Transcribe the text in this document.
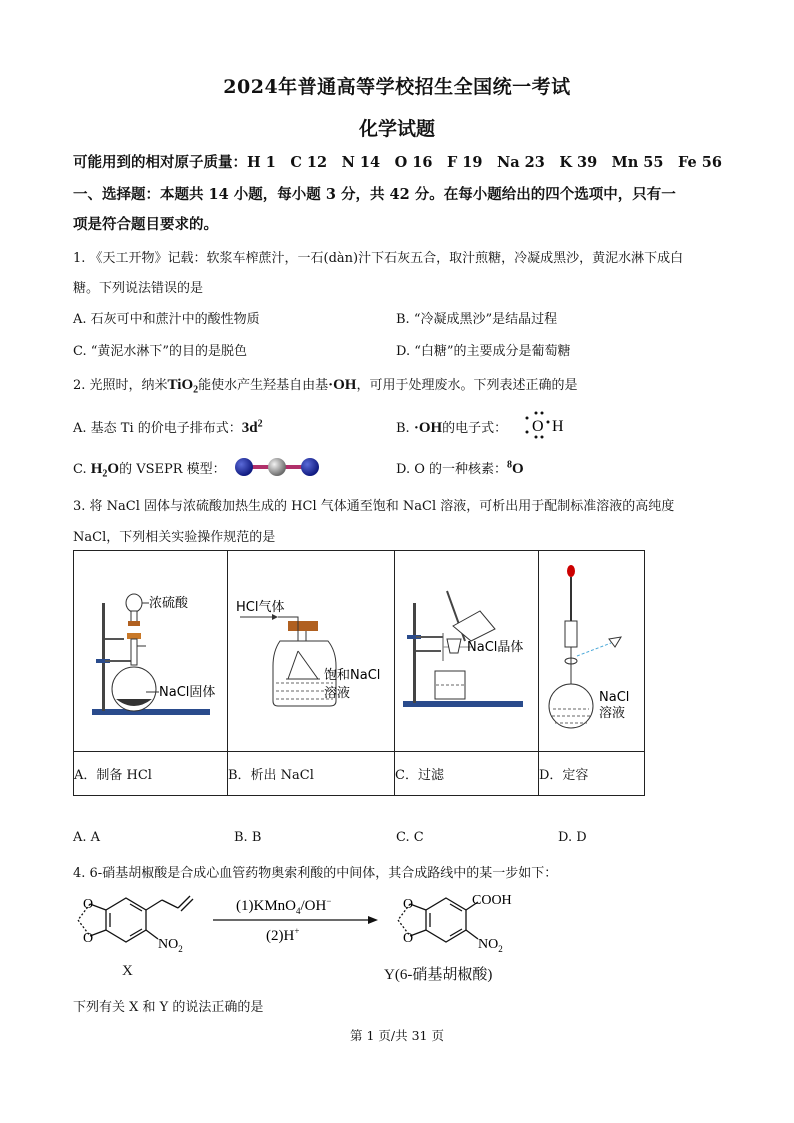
2024年普通高等学校招生全国统一考试
化学试题
可能用到的相对原子质量：H 1　C 12　N 14　O 16　F 19　Na 23　K 39　Mn 55　Fe 56
一、选择题：本题共 14 小题，每小题 3 分，共 42 分。在每小题给出的四个选项中，只有一
项是符合题目要求的。
1. 《天工开物》记载：软浆车榨蔗汁，一石(dàn)汁下石灰五合，取汁煎糖，冷凝成黑沙，黄泥水淋下成白
糖。下列说法错误的是
A. 石灰可中和蔗汁中的酸性物质	B. “冷凝成黑沙”是结晶过程
C. “黄泥水淋下”的目的是脱色	D. “白糖”的主要成分是葡萄糖
2. 光照时，纳米TiO$_2$能使水产生羟基自由基·OH，可用于处理废水。下列表述正确的是
A. 基态 Ti 的价电子排布式：$3d^2$	B. ·OH的电子式： O H
C. $H_2O$的 VSEPR 模型：	D. O 的一种核素：$^8$O
3. 将 NaCl 固体与浓硫酸加热生成的 HCl 气体通至饱和 NaCl 溶液，可析出用于配制标准溶液的高纯度
NaCl，下列相关实验操作规范的是
浓硫酸
NaCl固体	HCl气体
饱和NaCl
溶液	NaCl晶体	NaCl
溶液

A．制备 HCl	B．析出 NaCl	C．过滤	D．定容
A. A	B. B	C. C	D. D
4. 6-硝基胡椒酸是合成心血管药物奥索利酸的中间体，其合成路线中的某一步如下：
O
O	$NO_2$
(1)KMnO$_4$/OH−
(2)H+
O
O
COOH
$NO_2$
X	Y(6-硝基胡椒酸)
下列有关 X 和 Y 的说法正确的是
第 1 页/共 31 页
